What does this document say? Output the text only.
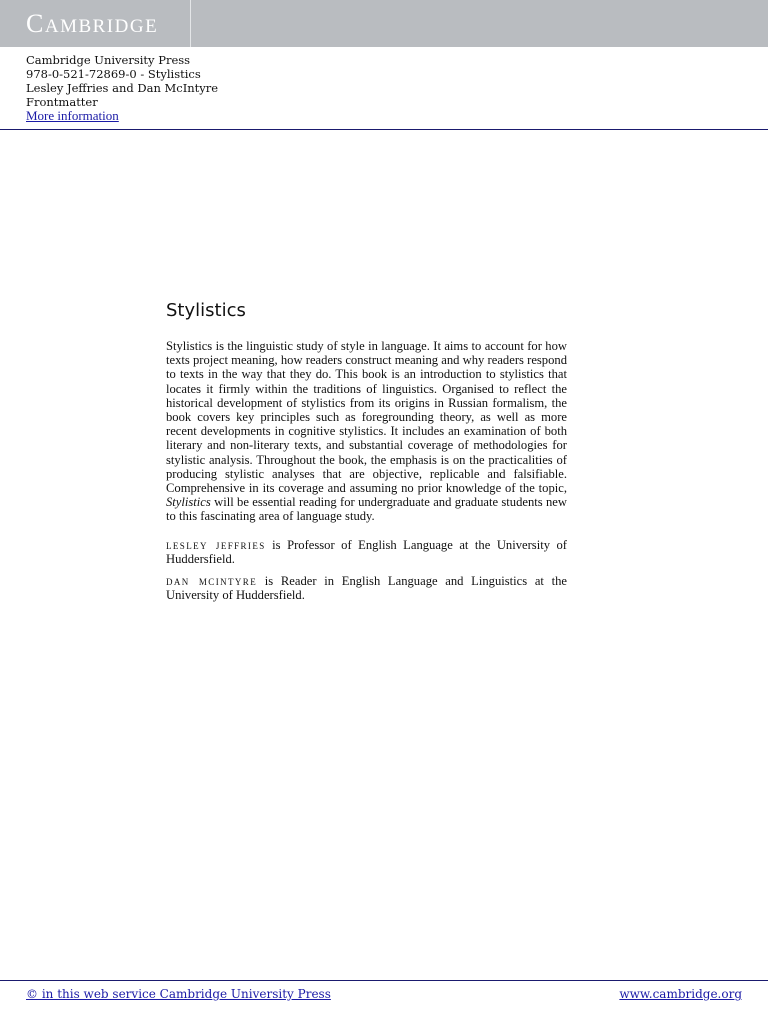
CAMBRIDGE
Cambridge University Press
978-0-521-72869-0 - Stylistics
Lesley Jeffries and Dan McIntyre
Frontmatter
More information
Stylistics

Stylistics is the linguistic study of style in language. It aims to account for how texts project meaning, how readers construct meaning and why readers respond to texts in the way that they do. This book is an introduction to stylistics that locates it firmly within the traditions of linguistics. Organised to reflect the historical development of stylistics from its origins in Russian formalism, the book covers key principles such as foregrounding theory, as well as more recent developments in cognitive stylistics. It includes an examination of both literary and non-literary texts, and substantial coverage of methodologies for stylistic analysis. Throughout the book, the emphasis is on the practicalities of producing stylistic analyses that are objective, replicable and falsifiable. Comprehensive in its coverage and assuming no prior knowledge of the topic, Stylistics will be essential reading for undergraduate and graduate students new to this fascinating area of language study.

lesley jeffries is Professor of English Language at the University of Huddersfield.

dan mcintyre is Reader in English Language and Linguistics at the University of Huddersfield.

© in this web service Cambridge University Press	www.cambridge.org
